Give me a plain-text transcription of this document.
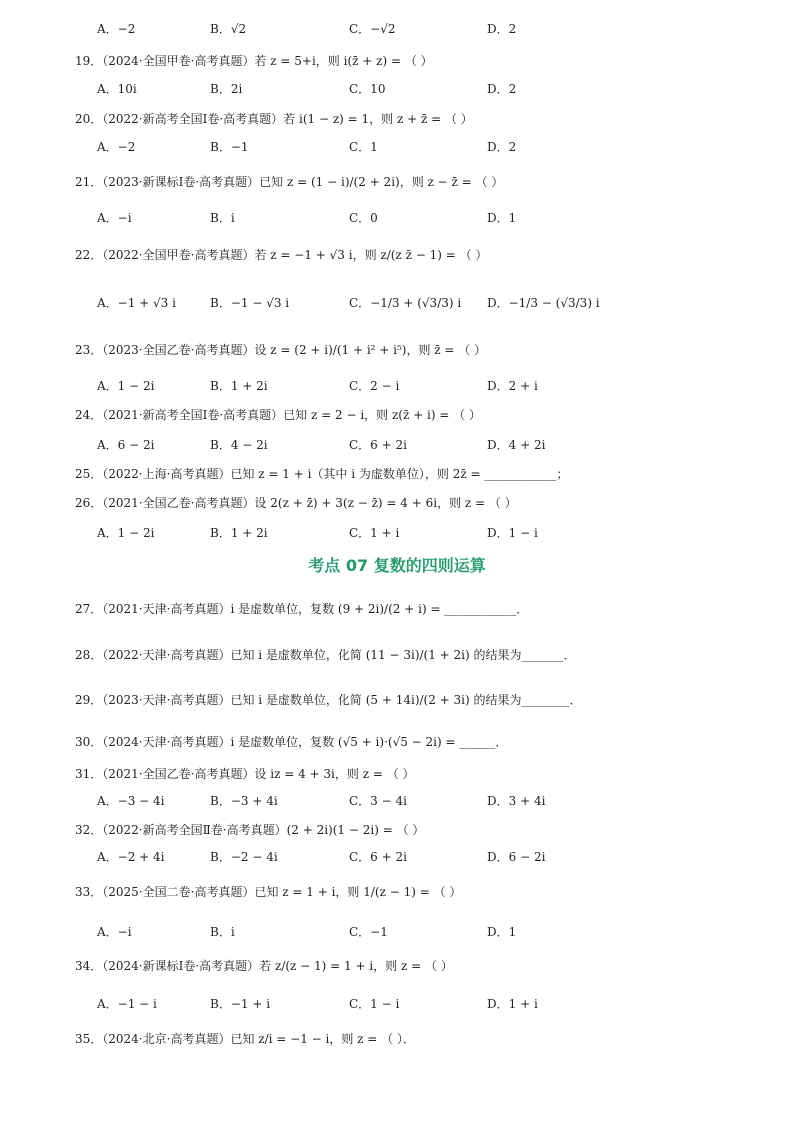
A．−2	B．√2	C．−√2	D．2
19．（2024·全国甲卷·高考真题）若 z = 5+i，则 i(z̄ + z) = （ ）
A．10i	B．2i	C．10	D．2
20．（2022·新高考全国Ⅰ卷·高考真题）若 i(1 − z) = 1，则 z + z̄ = （ ）
A．−2	B．−1	C．1	D．2
21．（2023·新课标Ⅰ卷·高考真题）已知 z = (1 − i)/(2 + 2i)，则 z − z̄ = （ ）
A．−i	B．i	C．0	D．1
22．（2022·全国甲卷·高考真题）若 z = −1 + √3 i，则 z/(z z̄ − 1) = （ ）
A．−1 + √3 i	B．−1 − √3 i	C．−1/3 + (√3/3) i D．−1/3 − (√3/3) i
23．（2023·全国乙卷·高考真题）设 z = (2 + i)/(1 + i² + i⁵)，则 z̄ = （ ）
A．1 − 2i	B．1 + 2i	C．2 − i	D．2 + i
24．（2021·新高考全国Ⅰ卷·高考真题）已知 z = 2 − i，则 z(z̄ + i) = （ ）
A．6 − 2i	B．4 − 2i	C．6 + 2i	D．4 + 2i
25．（2022·上海·高考真题）已知 z = 1 + i（其中 i 为虚数单位），则 2z̄ = ____________；
26．（2021·全国乙卷·高考真题）设 2(z + z̄) + 3(z − z̄) = 4 + 6i，则 z = （ ）
A．1 − 2i	B．1 + 2i	C．1 + i	D．1 − i
考点 07 复数的四则运算
27．（2021·天津·高考真题）i 是虚数单位，复数 (9 + 2i)/(2 + i) = ____________．
28．（2022·天津·高考真题）已知 i 是虚数单位，化简 (11 − 3i)/(1 + 2i) 的结果为_______．
29．（2023·天津·高考真题）已知 i 是虚数单位，化简 (5 + 14i)/(2 + 3i) 的结果为________．
30．（2024·天津·高考真题）i 是虚数单位，复数 (√5 + i)·(√5 − 2i) = ______．
31．（2021·全国乙卷·高考真题）设 iz = 4 + 3i，则 z = （ ）
A．−3 − 4i	B．−3 + 4i	C．3 − 4i	D．3 + 4i
32．（2022·新高考全国Ⅱ卷·高考真题）(2 + 2i)(1 − 2i) = （ ）
A．−2 + 4i	B．−2 − 4i	C．6 + 2i	D．6 − 2i
33．（2025·全国二卷·高考真题）已知 z = 1 + i，则 1/(z − 1) = （ ）
A．−i	B．i	C．−1	D．1
34．（2024·新课标Ⅰ卷·高考真题）若 z/(z − 1) = 1 + i，则 z = （ ）
A．−1 − i	B．−1 + i	C．1 − i	D．1 + i
35．（2024·北京·高考真题）已知 z/i = −1 − i，则 z = （ ）．
